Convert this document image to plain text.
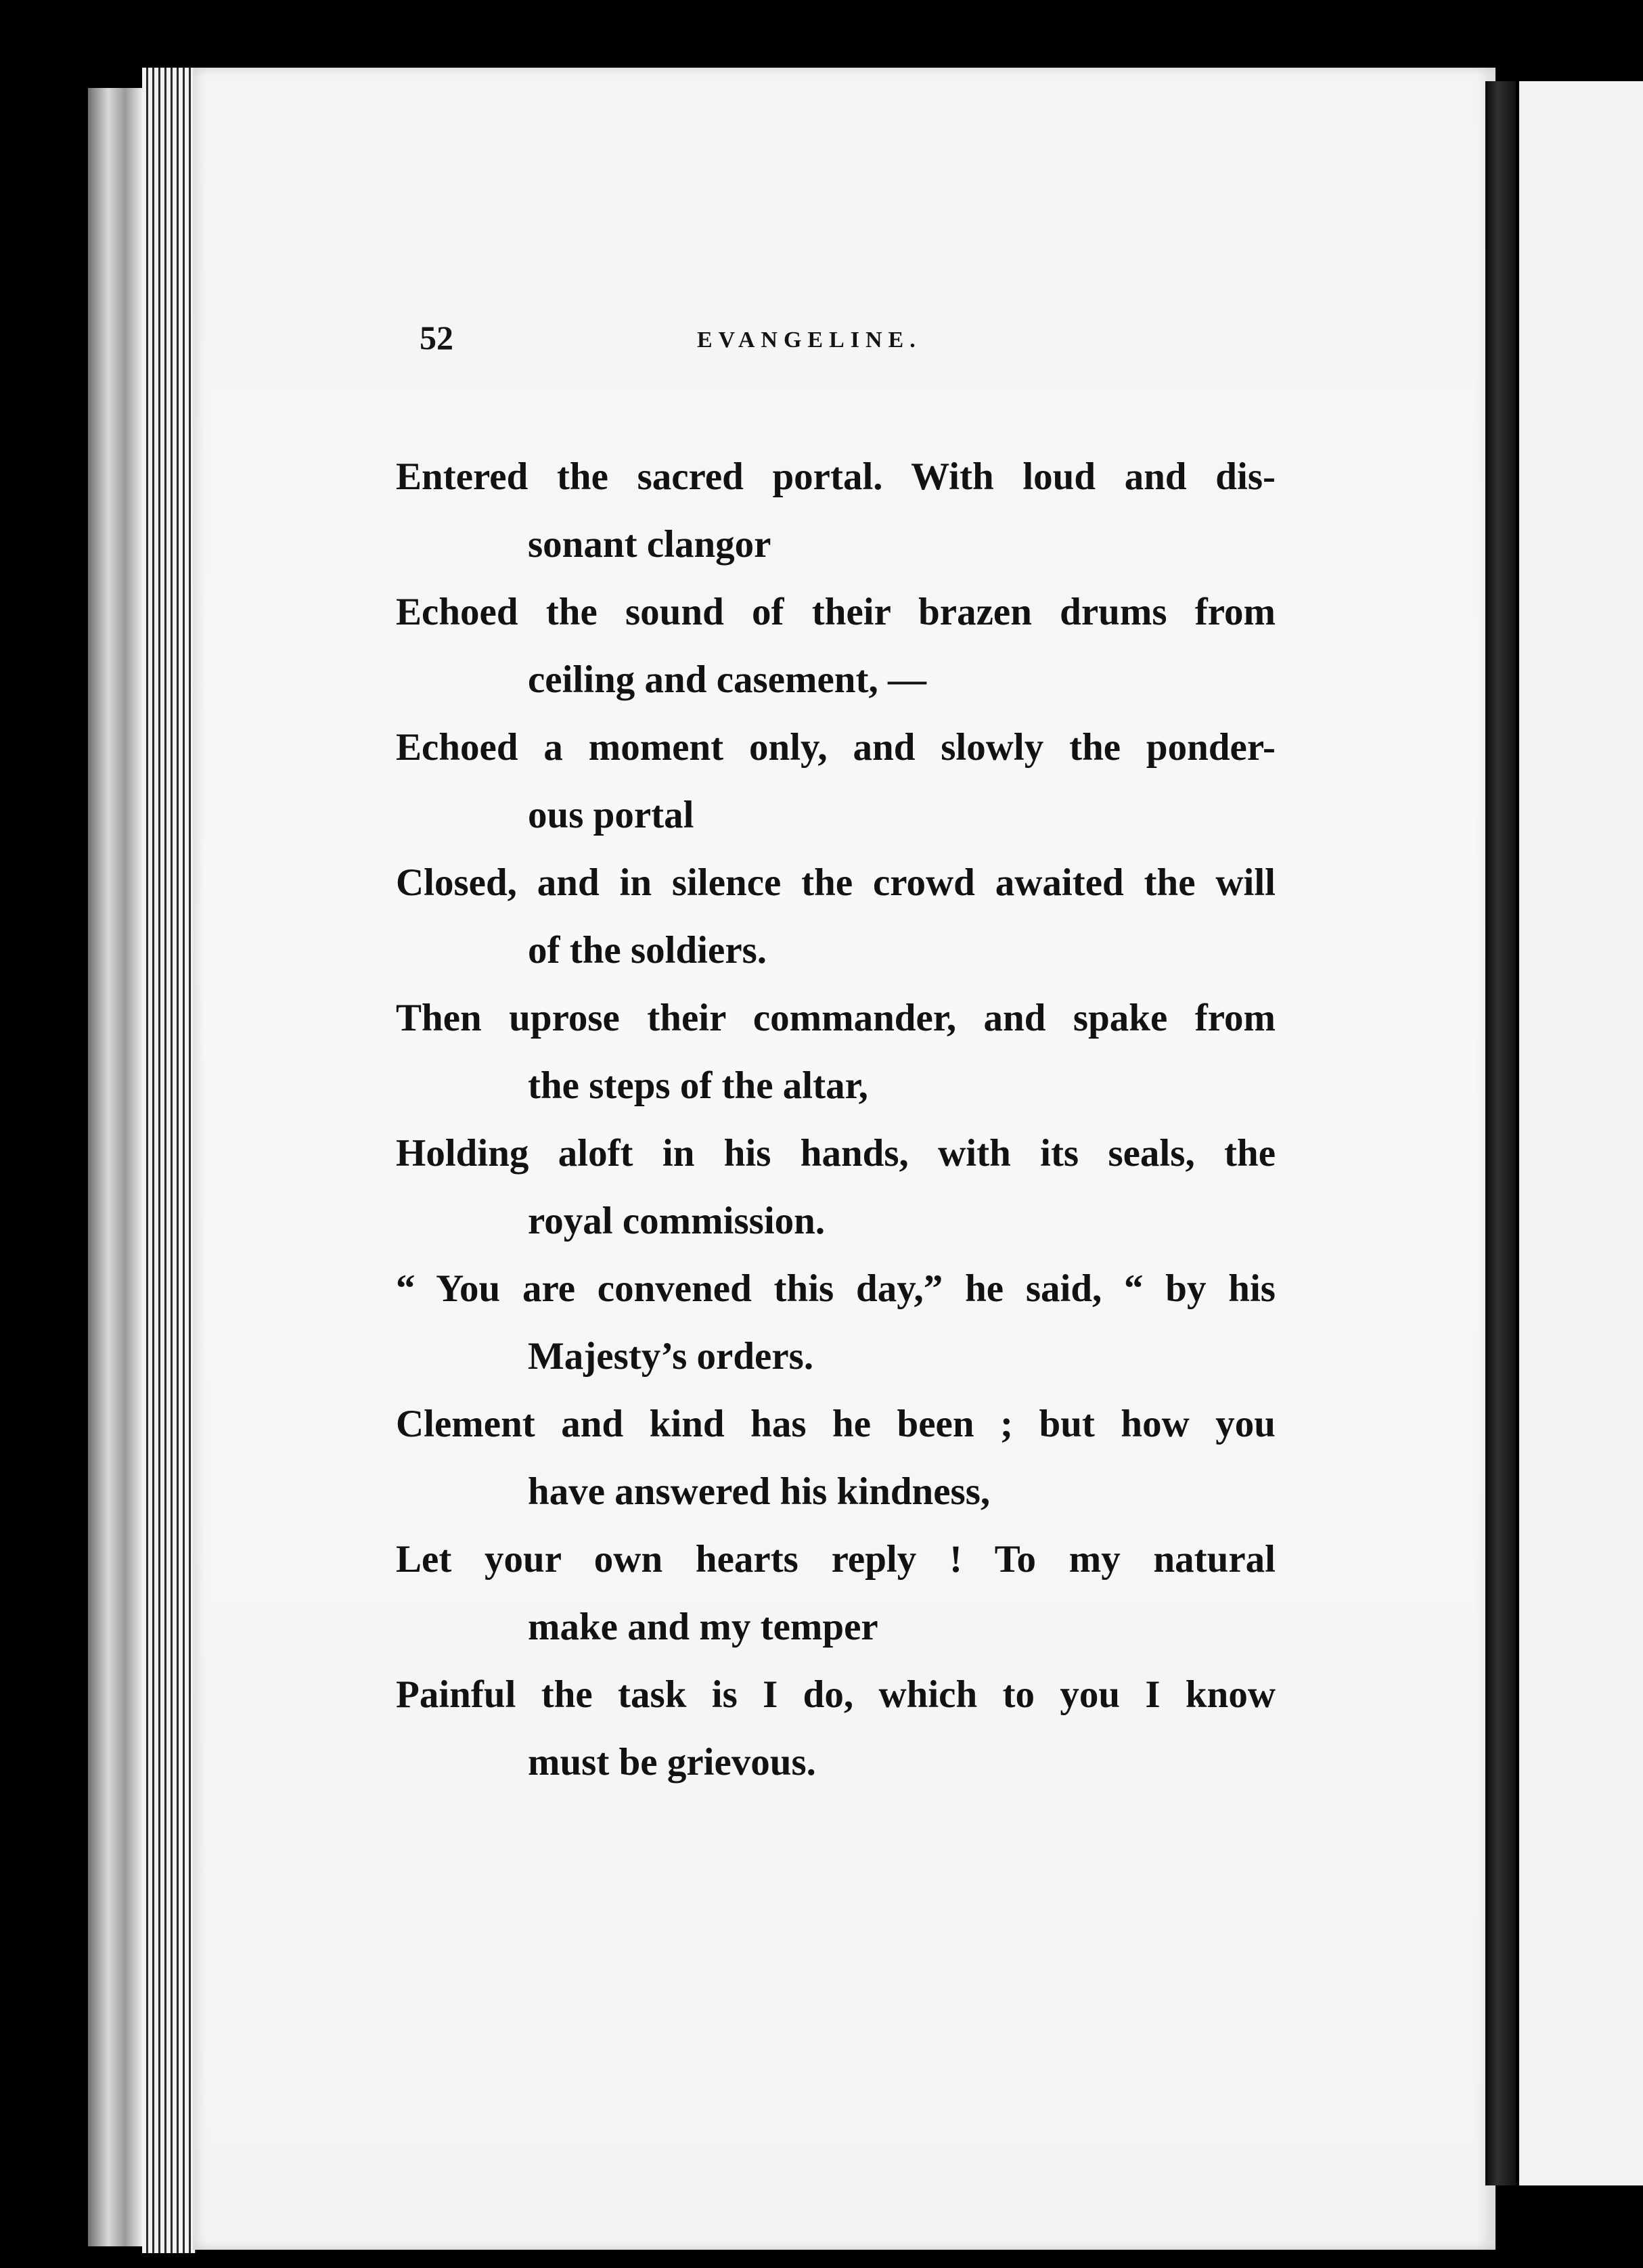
52	EVANGELINE.
Entered the sacred portal. With loud and dis-
sonant clangor
Echoed the sound of their brazen drums from
ceiling and casement, —
Echoed a moment only, and slowly the ponder-
ous portal
Closed, and in silence the crowd awaited the will
of the soldiers.
Then uprose their commander, and spake from
the steps of the altar,
Holding aloft in his hands, with its seals, the
royal commission.
“ You are convened this day,” he said, “ by his
Majesty’s orders.
Clement and kind has he been ; but how you
have answered his kindness,
Let your own hearts reply ! To my natural
make and my temper
Painful the task is I do, which to you I know
must be grievous.
